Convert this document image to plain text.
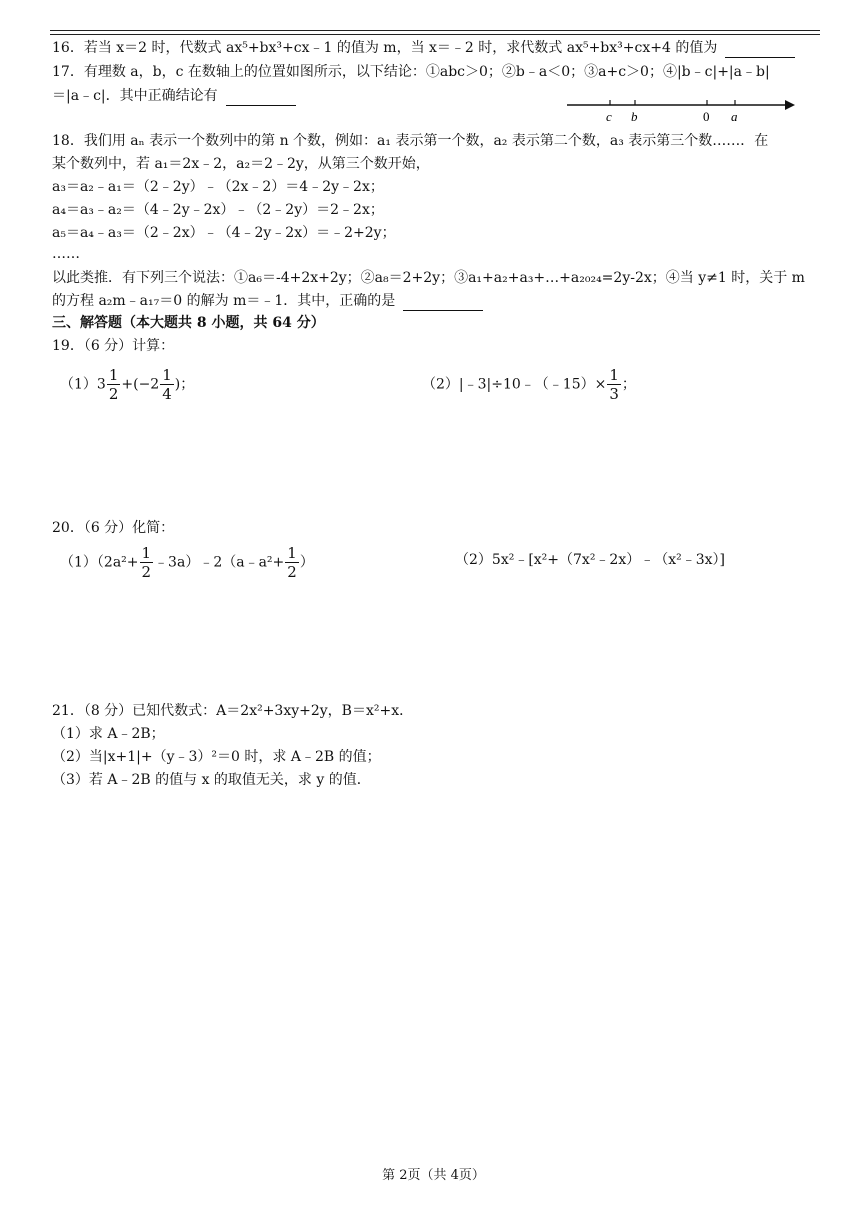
16．若当 x＝2 时，代数式 ax⁵+bx³+cx﹣1 的值为 m，当 x＝﹣2 时，求代数式 ax⁵+bx³+cx+4 的值为
17．有理数 a，b，c 在数轴上的位置如图所示，以下结论：①abc＞0；②b﹣a＜0；③a+c＞0；④|b﹣c|+|a﹣b|
＝|a﹣c|．其中正确结论有
c b	0 a
18．我们用 aₙ 表示一个数列中的第 n 个数，例如：a₁ 表示第一个数，a₂ 表示第二个数，a₃ 表示第三个数……．在
某个数列中，若 a₁＝2x﹣2，a₂＝2﹣2y，从第三个数开始，
a₃＝a₂﹣a₁＝（2﹣2y）﹣（2x﹣2）＝4﹣2y﹣2x；
a₄＝a₃﹣a₂＝（4﹣2y﹣2x）﹣（2﹣2y）＝2﹣2x；
a₅＝a₄﹣a₃＝（2﹣2x）﹣（4﹣2y﹣2x）＝﹣2+2y；
……
以此类推．有下列三个说法：①a₆＝-4+2x+2y；②a₈＝2+2y；③a₁+a₂+a₃+…+a₂₀₂₄=2y-2x；④当 y≠1 时，关于 m
的方程 a₂m﹣a₁₇＝0 的解为 m＝﹣1．其中，正确的是
三、解答题（本大题共 8 小题，共 64 分）
19．（6 分）计算：
$(1)3 \frac{1}{2} +(-2 \frac{1}{4}$ )；	（2）|﹣3|÷10﹣（﹣15）× $\frac{1}{3}$ ；
20．（6 分）化简：
$(1)(2a^2+ \frac{1}{2}$ ﹣3a）﹣2（a﹣a²+ $\frac{1}{2}$ ）	（2）5x²﹣[x²+（7x²﹣2x）﹣（x²﹣3x）]
21．（8 分）已知代数式：A＝2x²+3xy+2y，B＝x²+x．
（1）求 A﹣2B；
（2）当|x+1|+（y﹣3）²＝0 时，求 A﹣2B 的值；
（3）若 A﹣2B 的值与 x 的取值无关，求 y 的值．
第 2页（共 4页）
